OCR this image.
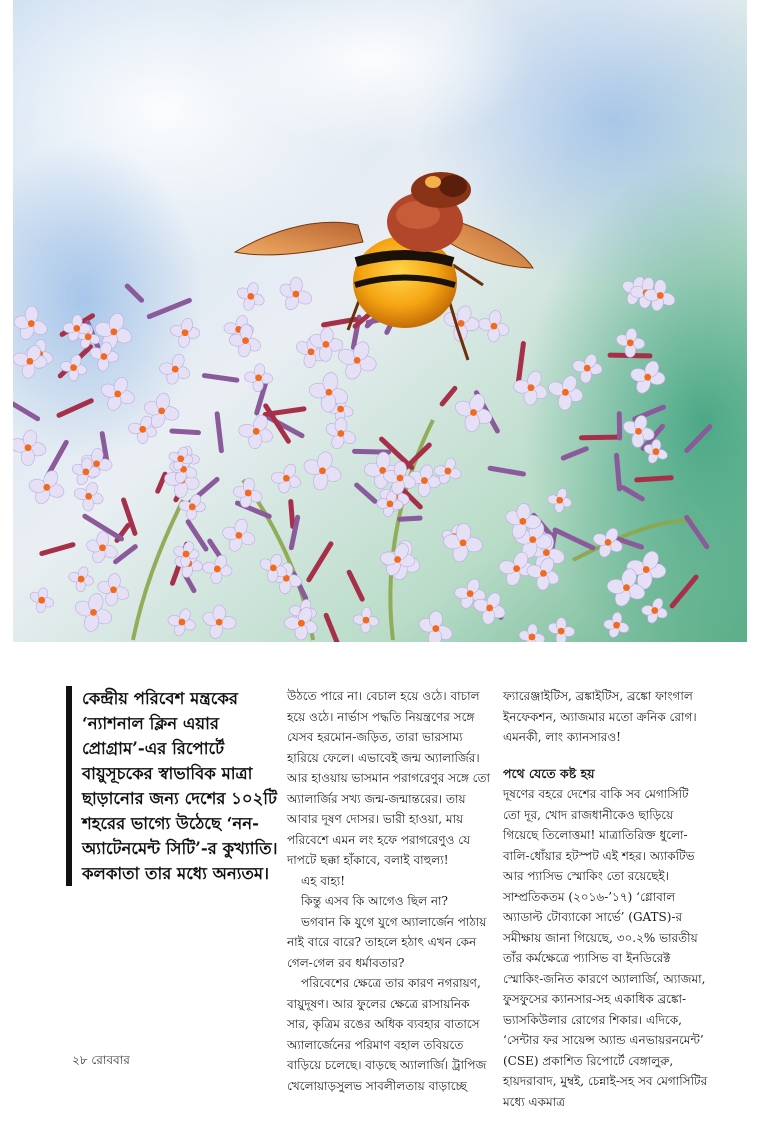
কেন্দ্রীয় পরিবেশ মন্ত্রকের ‘ন্যাশনাল ক্লিন এয়ার প্রোগ্রাম’-এর রিপোর্টে বায়ুসূচকের স্বাভাবিক মাত্রা ছাড়ানোর জন্য দেশের ১০২টি শহরের ভাগ্যে উঠেছে ‘নন-অ্যাটেনমেন্ট সিটি’-র কুখ্যাতি। কলকাতা তার মধ্যে অন্যতম।

উঠতে পারে না। বেচাল হয়ে ওঠে। বাচাল হয়ে ওঠে। নার্ভাস পদ্ধতি নিয়ন্ত্রণের সঙ্গে যেসব হরমোন-জড়িত, তারা ভারসাম্য হারিয়ে ফেলে। এভাবেই জন্ম অ্যালার্জির। আর হাওয়ায় ভাসমান পরাগরেণুর সঙ্গে তো অ্যালার্জির সখ্য জন্ম-জন্মান্তরের। তায় আবার দূষণ দোসর। ভারী হাওয়া, মায় পরিবেশে এমন লং হফে পরাগরেণুও যে দাপটে ছক্কা হাঁকাবে, বলাই বাহুল্য!

এহ বাহ্য!

কিন্তু এসব কি আগেও ছিল না?

ভগবান কি যুগে যুগে অ্যালার্জেন পাঠায় নাই বারে বারে? তাহলে হঠাৎ এখন কেন গেল-গেল রব ধর্মাবতার?

পরিবেশের ক্ষেত্রে তার কারণ নগরায়ণ, বায়ুদূষণ। আর ফুলের ক্ষেত্রে রাসায়নিক সার, কৃত্রিম রঙের অধিক ব্যবহার বাতাসে অ্যালার্জেনের পরিমাণ বহাল তবিয়তে বাড়িয়ে চলেছে। বাড়ছে অ্যালার্জি। ট্রাপিজ খেলোয়াড়সুলভ সাবলীলতায় বাড়াচ্ছে

ফ্যারেঞ্জাইটিস, ব্রঙ্কাইটিস, ব্রঙ্কো ফাংগাল ইনফেকশন, অ্যাজমার মতো ক্রনিক রোগ। এমনকী, লাং ক্যানসারও!

পথে যেতে কষ্ট হয়

দূষণের বহরে দেশের বাকি সব মেগাসিটি তো দূর, খোদ রাজধানীকেও ছাড়িয়ে গিয়েছে তিলোত্তমা! মাত্রাতিরিক্ত ধুলো-বালি-ধোঁয়ার হটস্পট এই শহর। অ্যাকটিভ আর প্যাসিভ স্মোকিং তো রয়েছেই। সাম্প্রতিকতম (২০১৬-’১৭) ‘গ্লোবাল অ্যাডাল্ট টোব্যাকো সার্ভে’ (GATS)-র সমীক্ষায় জানা গিয়েছে, ৩০.২% ভারতীয় তাঁর কর্মক্ষেত্রে প্যাসিভ বা ইনডিরেক্ট স্মোকিং-জনিত কারণে অ্যালার্জি, অ্যাজমা, ফুসফুসের ক্যানসার-সহ একাধিক ব্রঙ্কো-ভ্যাসকিউলার রোগের শিকার। এদিকে, ‘সেন্টার ফর সায়েন্স অ্যান্ড এনভায়রনমেন্ট’ (CSE) প্রকাশিত রিপোর্টে বেঙ্গালুরু, হায়দরাবাদ, মুম্বই, চেন্নাই-সহ সব মেগাসিটির মধ্যে একমাত্র

২৮ রোববার
